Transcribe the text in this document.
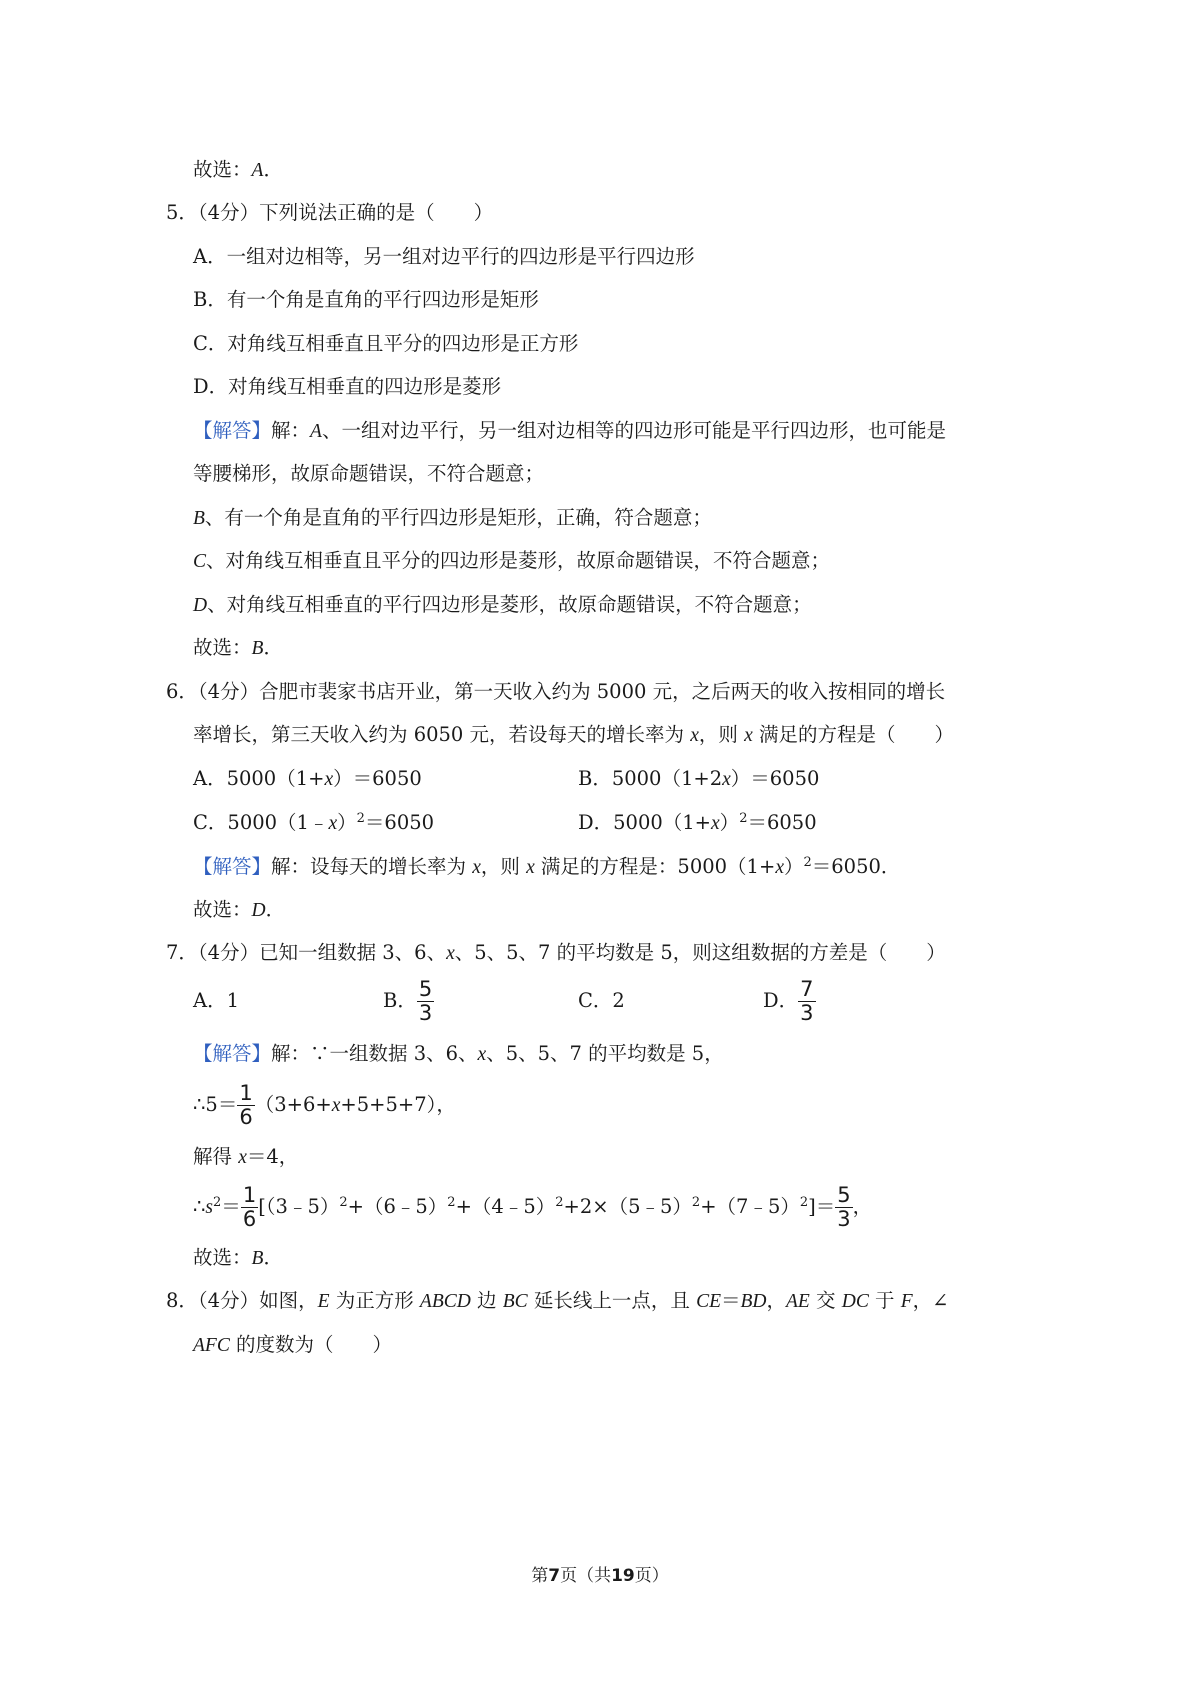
故选：A．
5．（4分）下列说法正确的是（　　）
A．一组对边相等，另一组对边平行的四边形是平行四边形
B．有一个角是直角的平行四边形是矩形
C．对角线互相垂直且平分的四边形是正方形
D．对角线互相垂直的四边形是菱形
【解答】解：A、一组对边平行，另一组对边相等的四边形可能是平行四边形，也可能是
等腰梯形，故原命题错误，不符合题意；
B、有一个角是直角的平行四边形是矩形，正确，符合题意；
C、对角线互相垂直且平分的四边形是菱形，故原命题错误，不符合题意；
D、对角线互相垂直的平行四边形是菱形，故原命题错误，不符合题意；
故选：B．
6．（4分）合肥市裴家书店开业，第一天收入约为 5000 元，之后两天的收入按相同的增长
率增长，第三天收入约为 6050 元，若设每天的增长率为 x，则 x 满足的方程是（　　）
A．5000（1+x）＝6050	B．5000（1+2x）＝6050
C．5000（1﹣x）$^2$＝6050	D．$5000(1+x)^2=6050$
【解答】解：设每天的增长率为 x，则 x 满足的方程是：$5000(1+x)^2=6050$．
故选：D．
7．（4分）已知一组数据 3、6、x、5、5、7 的平均数是 5，则这组数据的方差是（　　）
A．1	B． $\frac{5}{3}$	C．2	D． $\frac{7}{3}$
【解答】解：∵一组数据 3、6、x、5、5、7 的平均数是 5，
∴5＝ $\frac{1}{6} (3+6+x+5+5+7)$，
解得 x＝4，
$\therefore s^2= \frac{1}{6}$ [（3﹣5）$^2$+（6﹣5）$^2$+（4﹣5）$^2$+2×（5﹣5）$^2$+（7﹣5）$^2$]＝ $\frac{5}{3}$ ，
故选：B．
8．（4分）如图，E 为正方形 ABCD 边 BC 延长线上一点，且 CE＝BD，AE 交 DC 于 F，∠
AFC 的度数为（　　）
第7页（共19页）
